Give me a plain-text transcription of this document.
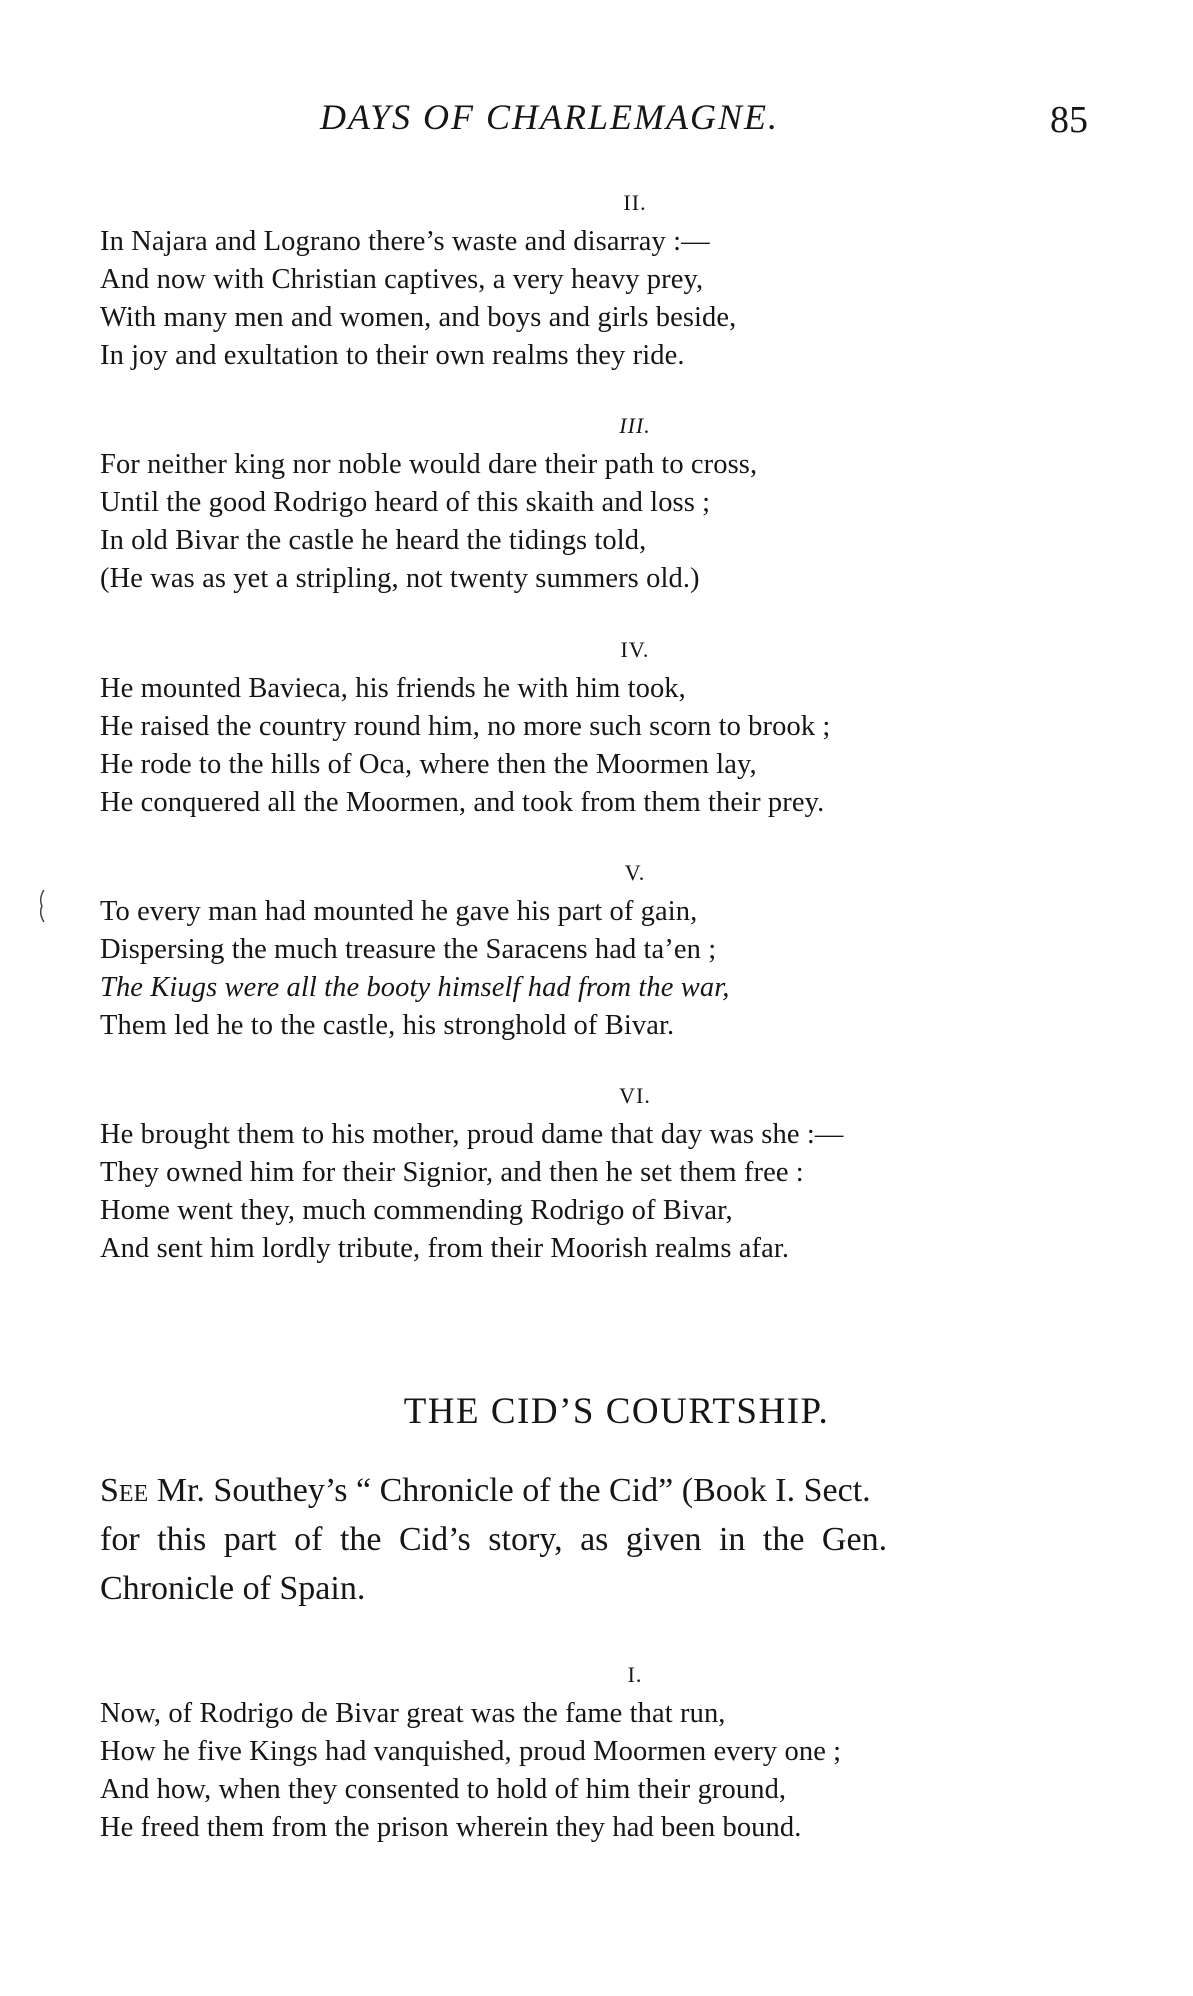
DAYS OF CHARLEMAGNE.	85
II.
In Najara and Lograno there’s waste and disarray :—
And now with Christian captives, a very heavy prey,
With many men and women, and boys and girls beside,
In joy and exultation to their own realms they ride.
III.
For neither king nor noble would dare their path to cross,
Until the good Rodrigo heard of this skaith and loss ;
In old Bivar the castle he heard the tidings told,
(He was as yet a stripling, not twenty summers old.)
IV.
He mounted Bavieca, his friends he with him took,
He raised the country round him, no more such scorn to brook ;
He rode to the hills of Oca, where then the Moormen lay,
He conquered all the Moormen, and took from them their prey.
V.
To every man had mounted he gave his part of gain,
Dispersing the much treasure the Saracens had ta’en ;
The Kiugs were all the booty himself had from the war,
Them led he to the castle, his stronghold of Bivar.
VI.
He brought them to his mother, proud dame that day was she :—
They owned him for their Signior, and then he set them free :
Home went they, much commending Rodrigo of Bivar,
And sent him lordly tribute, from their Moorish realms afar.
THE CID’S COURTSHIP.
See Mr. Southey’s “ Chronicle of the Cid” (Book I. Sect.
for this part of the Cid’s story, as given in the Gen.
Chronicle of Spain.
I.
Now, of Rodrigo de Bivar great was the fame that run,
How he five Kings had vanquished, proud Moormen every one ;
And how, when they consented to hold of him their ground,
He freed them from the prison wherein they had been bound.
